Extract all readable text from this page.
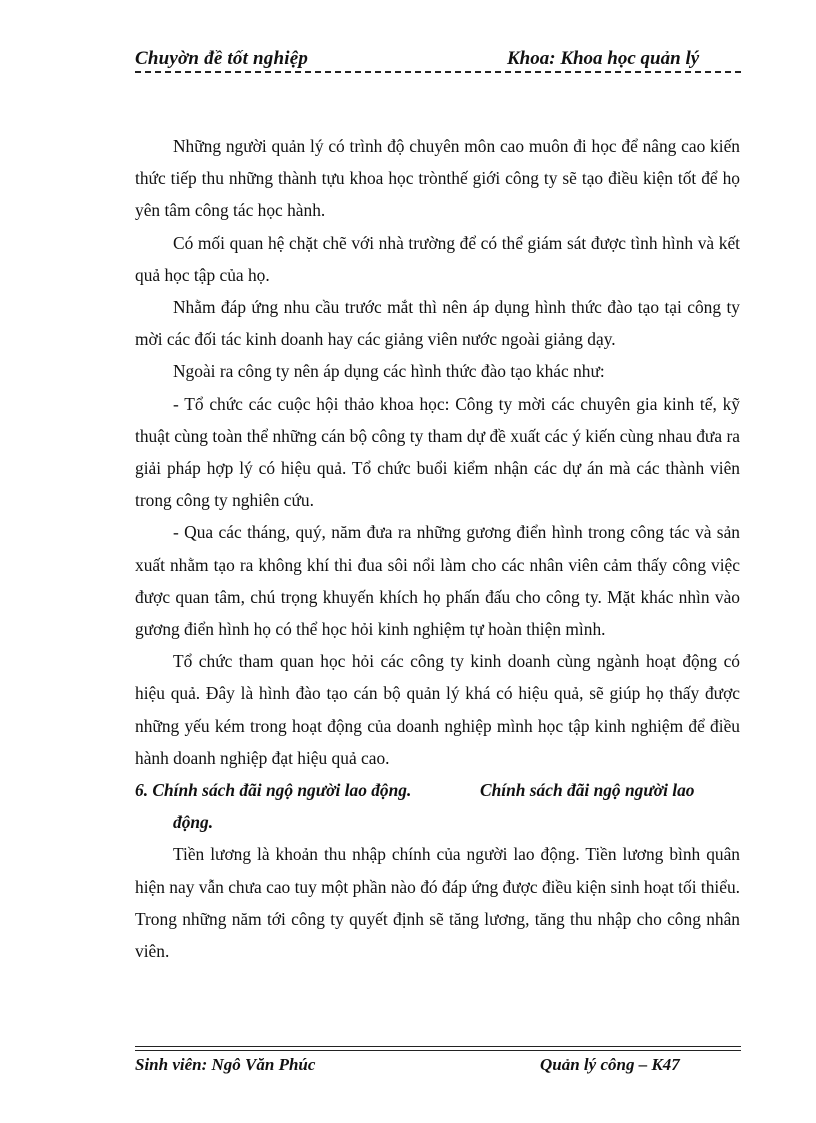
Chuyờn đề tốt nghiệp	Khoa: Khoa học quản lý

Những người quản lý có trình độ chuyên môn cao muôn đi học để nâng cao kiến thức tiếp thu những thành tựu khoa học trònthế giới công ty sẽ tạo điều kiện tốt để họ yên tâm công tác học hành.

Có mối quan hệ chặt chẽ với nhà trường để có thể giám sát được tình hình và kết quả học tập của họ.

Nhằm đáp ứng nhu cầu trước mắt thì nên áp dụng hình thức đào tạo tại công ty mời các đối tác kinh doanh hay các giảng viên nước ngoài giảng dạy.

Ngoài ra công ty nên áp dụng các hình thức đào tạo khác như:

- Tổ chức các cuộc hội thảo khoa học: Công ty mời các chuyên gia kinh tế, kỹ thuật cùng toàn thể những cán bộ công ty tham dự đề xuất các ý kiến cùng nhau đưa ra giải pháp hợp lý có hiệu quả. Tổ chức buổi kiểm nhận các dự án mà các thành viên trong công ty nghiên cứu.

- Qua các tháng, quý, năm đưa ra những gương điển hình trong công tác và sản xuất nhằm tạo ra không khí thi đua sôi nổi làm cho các nhân viên cảm thấy công việc được quan tâm, chú trọng khuyến khích họ phấn đấu cho công ty. Mặt khác nhìn vào gương điển hình họ có thể học hỏi kinh nghiệm tự hoàn thiện mình.

Tổ chức tham quan học hỏi các công ty kinh doanh cùng ngành hoạt động có hiệu quả. Đây là hình đào tạo cán bộ quản lý khá có hiệu quả, sẽ giúp họ thấy được những yếu kém trong hoạt động của doanh nghiệp mình học tập kinh nghiệm để điều hành doanh nghiệp đạt hiệu quả cao.

6. Chính sách đãi ngộ người lao động.	Chính sách đãi ngộ người lao
động.

Tiền lương là khoản thu nhập chính của người lao động. Tiền lương bình quân hiện nay vẫn chưa cao tuy một phần nào đó đáp ứng được điều kiện sinh hoạt tối thiểu. Trong những năm tới công ty quyết định sẽ tăng lương, tăng thu nhập cho công nhân viên.

Sinh viên: Ngô Văn Phúc	Quản lý công – K47
